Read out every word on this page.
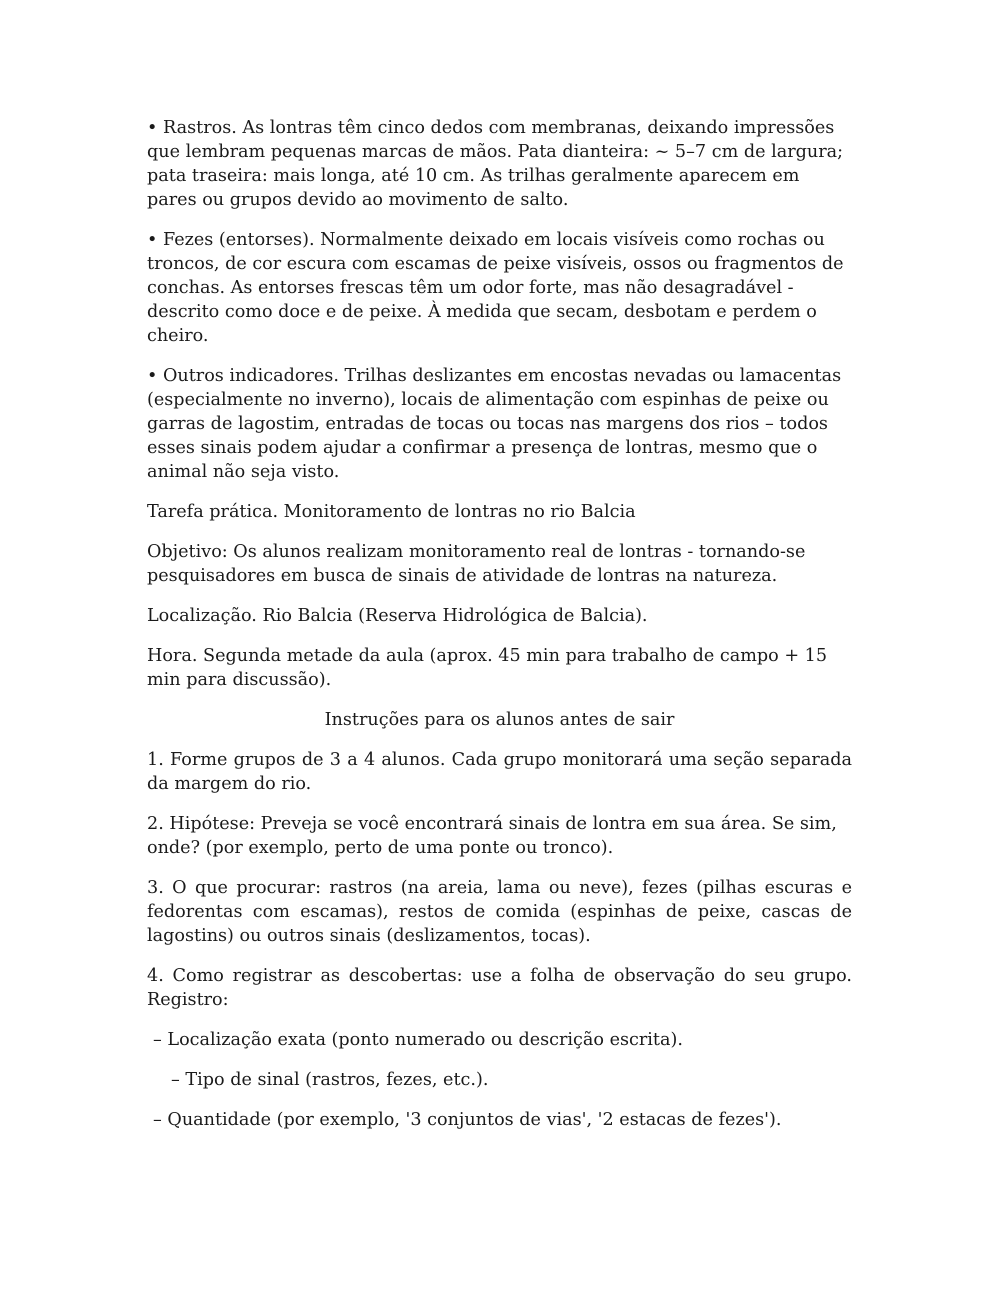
• Rastros. As lontras têm cinco dedos com membranas, deixando impressões que lembram pequenas marcas de mãos. Pata dianteira: ~ 5–7 cm de largura; pata traseira: mais longa, até 10 cm. As trilhas geralmente aparecem em pares ou grupos devido ao movimento de salto.

• Fezes (entorses). Normalmente deixado em locais visíveis como rochas ou troncos, de cor escura com escamas de peixe visíveis, ossos ou fragmentos de conchas. As entorses frescas têm um odor forte, mas não desagradável - descrito como doce e de peixe. À medida que secam, desbotam e perdem o cheiro.

• Outros indicadores. Trilhas deslizantes em encostas nevadas ou lamacentas (especialmente no inverno), locais de alimentação com espinhas de peixe ou garras de lagostim, entradas de tocas ou tocas nas margens dos rios – todos esses sinais podem ajudar a confirmar a presença de lontras, mesmo que o animal não seja visto.

Tarefa prática. Monitoramento de lontras no rio Balcia

Objetivo: Os alunos realizam monitoramento real de lontras - tornando-se pesquisadores em busca de sinais de atividade de lontras na natureza.

Localização. Rio Balcia (Reserva Hidrológica de Balcia).

Hora. Segunda metade da aula (aprox. 45 min para trabalho de campo + 15 min para discussão).

Instruções para os alunos antes de sair

1. Forme grupos de 3 a 4 alunos. Cada grupo monitorará uma seção separada da margem do rio.

2. Hipótese: Preveja se você encontrará sinais de lontra em sua área. Se sim, onde? (por exemplo, perto de uma ponte ou tronco).

3. O que procurar: rastros (na areia, lama ou neve), fezes (pilhas escuras e fedorentas com escamas), restos de comida (espinhas de peixe, cascas de lagostins) ou outros sinais (deslizamentos, tocas).

4. Como registrar as descobertas: use a folha de observação do seu grupo. Registro:

– Localização exata (ponto numerado ou descrição escrita).

– Tipo de sinal (rastros, fezes, etc.).

– Quantidade (por exemplo, '3 conjuntos de vias', '2 estacas de fezes').
